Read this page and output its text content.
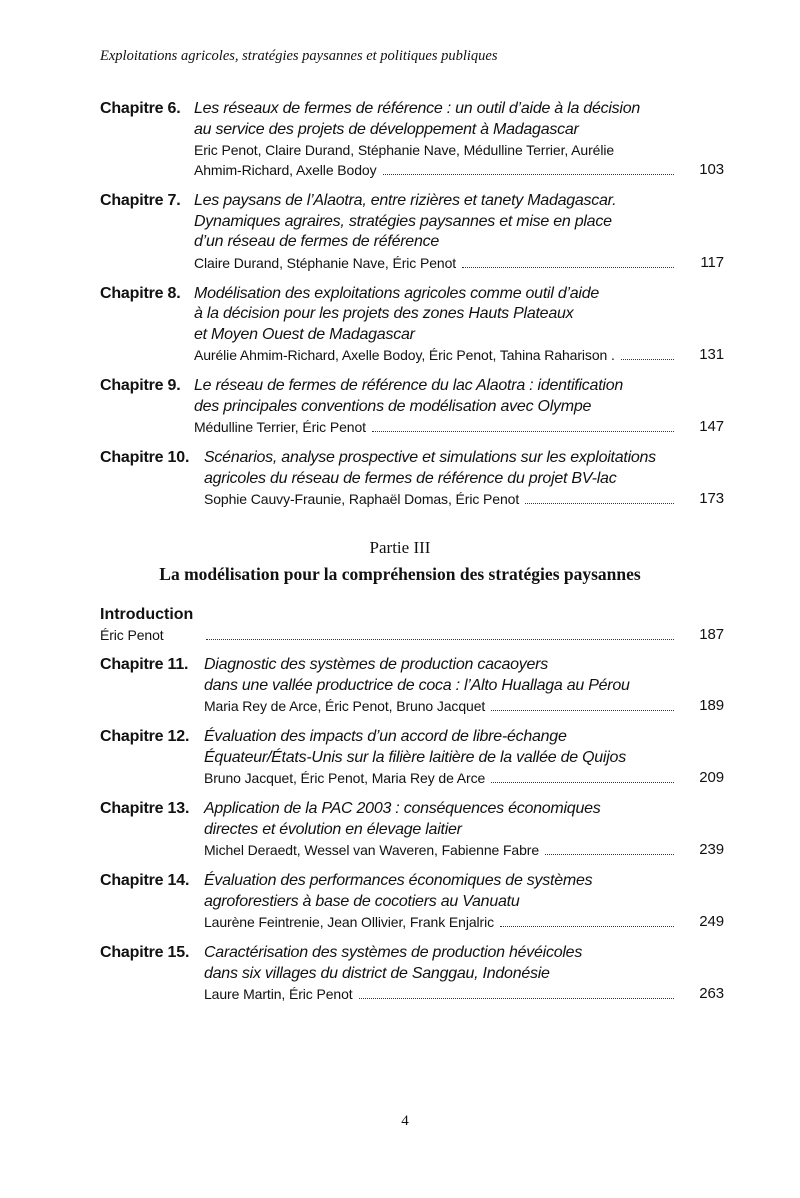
Exploitations agricoles, stratégies paysannes et politiques publiques
Chapitre 6. Les réseaux de fermes de référence : un outil d’aide à la décision
au service des projets de développement à Madagascar
Eric Penot, Claire Durand, Stéphanie Nave, Médulline Terrier, Aurélie
Ahmim-Richard, Axelle Bodoy	103
Chapitre 7. Les paysans de l’Alaotra, entre rizières et tanety Madagascar.
Dynamiques agraires, stratégies paysannes et mise en place
d’un réseau de fermes de référence
Claire Durand, Stéphanie Nave, Éric Penot	117
Chapitre 8. Modélisation des exploitations agricoles comme outil d’aide
à la décision pour les projets des zones Hauts Plateaux
et Moyen Ouest de Madagascar
Aurélie Ahmim-Richard, Axelle Bodoy, Éric Penot, Tahina Raharison .	131
Chapitre 9. Le réseau de fermes de référence du lac Alaotra : identification
des principales conventions de modélisation avec Olympe
Médulline Terrier, Éric Penot	147
Chapitre 10. Scénarios, analyse prospective et simulations sur les exploitations
agricoles du réseau de fermes de référence du projet BV-lac
Sophie Cauvy-Fraunie, Raphaël Domas, Éric Penot	173
Partie III
La modélisation pour la compréhension des stratégies paysannes
Introduction
Éric Penot	187
Chapitre 11. Diagnostic des systèmes de production cacaoyers
dans une vallée productrice de coca : l’Alto Huallaga au Pérou
Maria Rey de Arce, Éric Penot, Bruno Jacquet	189
Chapitre 12. Évaluation des impacts d’un accord de libre-échange
Équateur/États-Unis sur la filière laitière de la vallée de Quijos
Bruno Jacquet, Éric Penot, Maria Rey de Arce	209
Chapitre 13. Application de la PAC 2003 : conséquences économiques
directes et évolution en élevage laitier
Michel Deraedt, Wessel van Waveren, Fabienne Fabre	239
Chapitre 14. Évaluation des performances économiques de systèmes
agroforestiers à base de cocotiers au Vanuatu
Laurène Feintrenie, Jean Ollivier, Frank Enjalric	249
Chapitre 15. Caractérisation des systèmes de production hévéicoles
dans six villages du district de Sanggau, Indonésie
Laure Martin, Éric Penot	263
4
